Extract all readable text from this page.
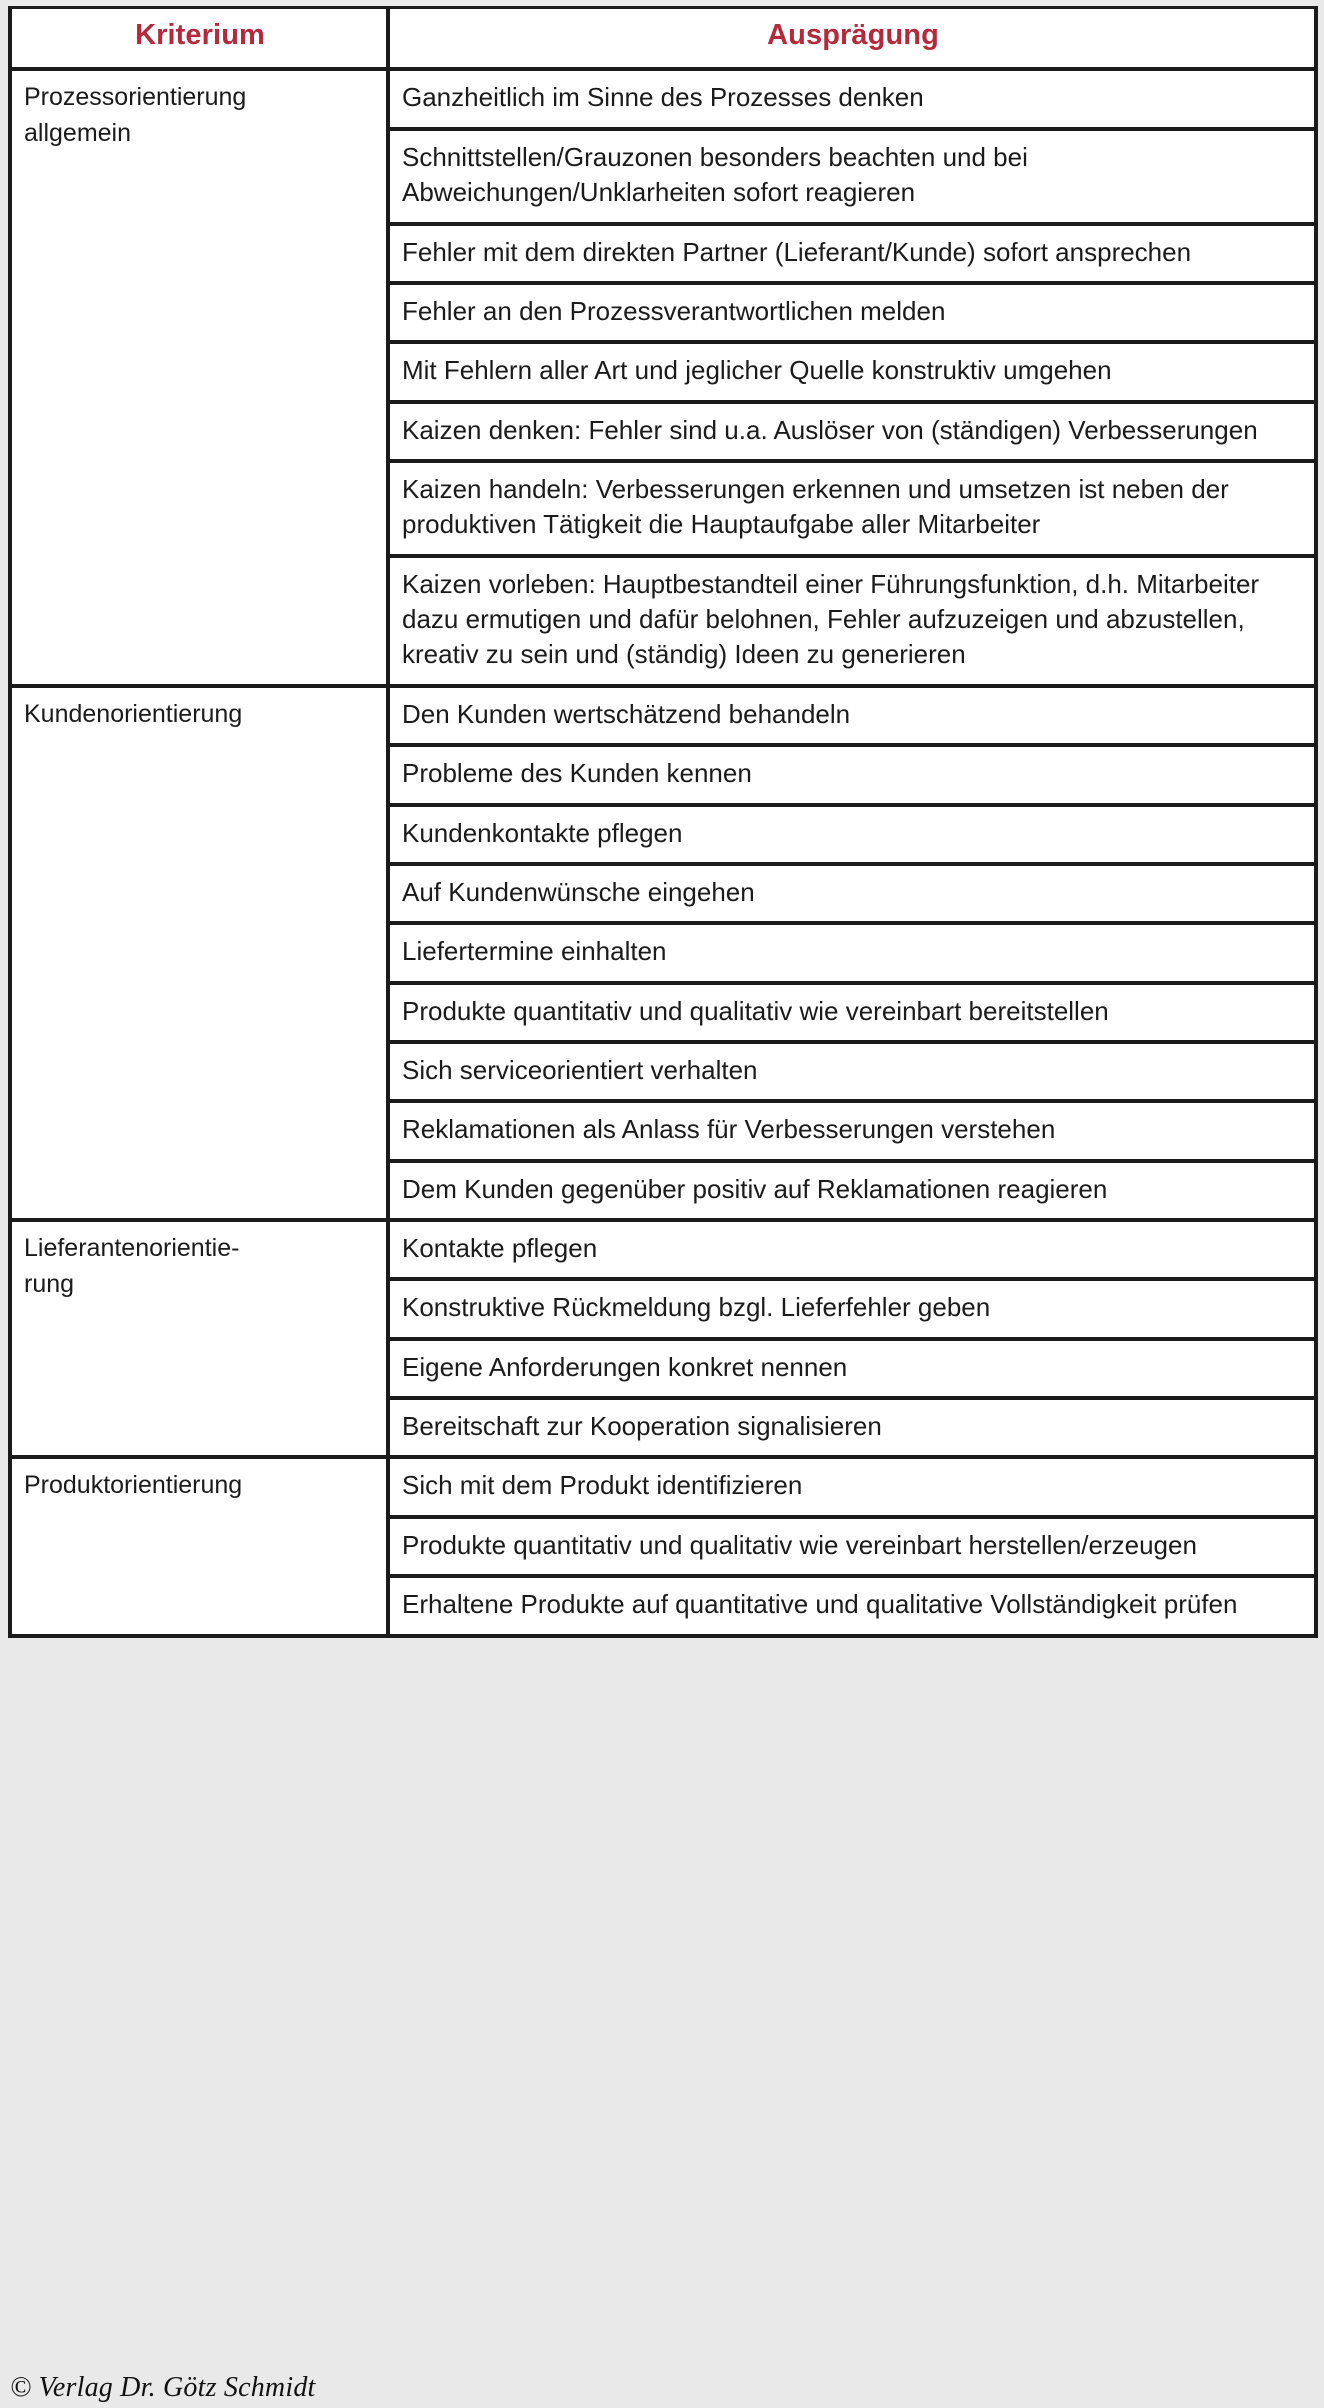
Kriterium	Ausprägung

Prozessorientierung
allgemein	Ganzheitlich im Sinne des Prozesses denken

	Schnittstellen/Grauzonen besonders beachten und bei Abweichungen/Unklarheiten sofort reagieren

	Fehler mit dem direkten Partner (Lieferant/Kunde) sofort ansprechen

	Fehler an den Prozessverantwortlichen melden

	Mit Fehlern aller Art und jeglicher Quelle konstruktiv umgehen

	Kaizen denken: Fehler sind u.a. Auslöser von (ständigen) Verbesserungen

	Kaizen handeln: Verbesserungen erkennen und umsetzen ist neben der produktiven Tätigkeit die Hauptaufgabe aller Mitarbeiter

	Kaizen vorleben: Hauptbestandteil einer Führungsfunktion, d.h. Mitarbeiter dazu ermutigen und dafür belohnen, Fehler aufzuzeigen und abzustellen, kreativ zu sein und (ständig) Ideen zu generieren

Kundenorientierung	Den Kunden wertschätzend behandeln

	Probleme des Kunden kennen

	Kundenkontakte pflegen

	Auf Kundenwünsche eingehen

	Liefertermine einhalten

	Produkte quantitativ und qualitativ wie vereinbart bereitstellen

	Sich serviceorientiert verhalten

	Reklamationen als Anlass für Verbesserungen verstehen

	Dem Kunden gegenüber positiv auf Reklamationen reagieren

Lieferantenorientie-
rung	Kontakte pflegen

	Konstruktive Rückmeldung bzgl. Lieferfehler geben

	Eigene Anforderungen konkret nennen

	Bereitschaft zur Kooperation signalisieren

Produktorientierung	Sich mit dem Produkt identifizieren

	Produkte quantitativ und qualitativ wie vereinbart herstellen/erzeugen

	Erhaltene Produkte auf quantitative und qualitative Vollständigkeit prüfen
© Verlag Dr. Götz Schmidt
